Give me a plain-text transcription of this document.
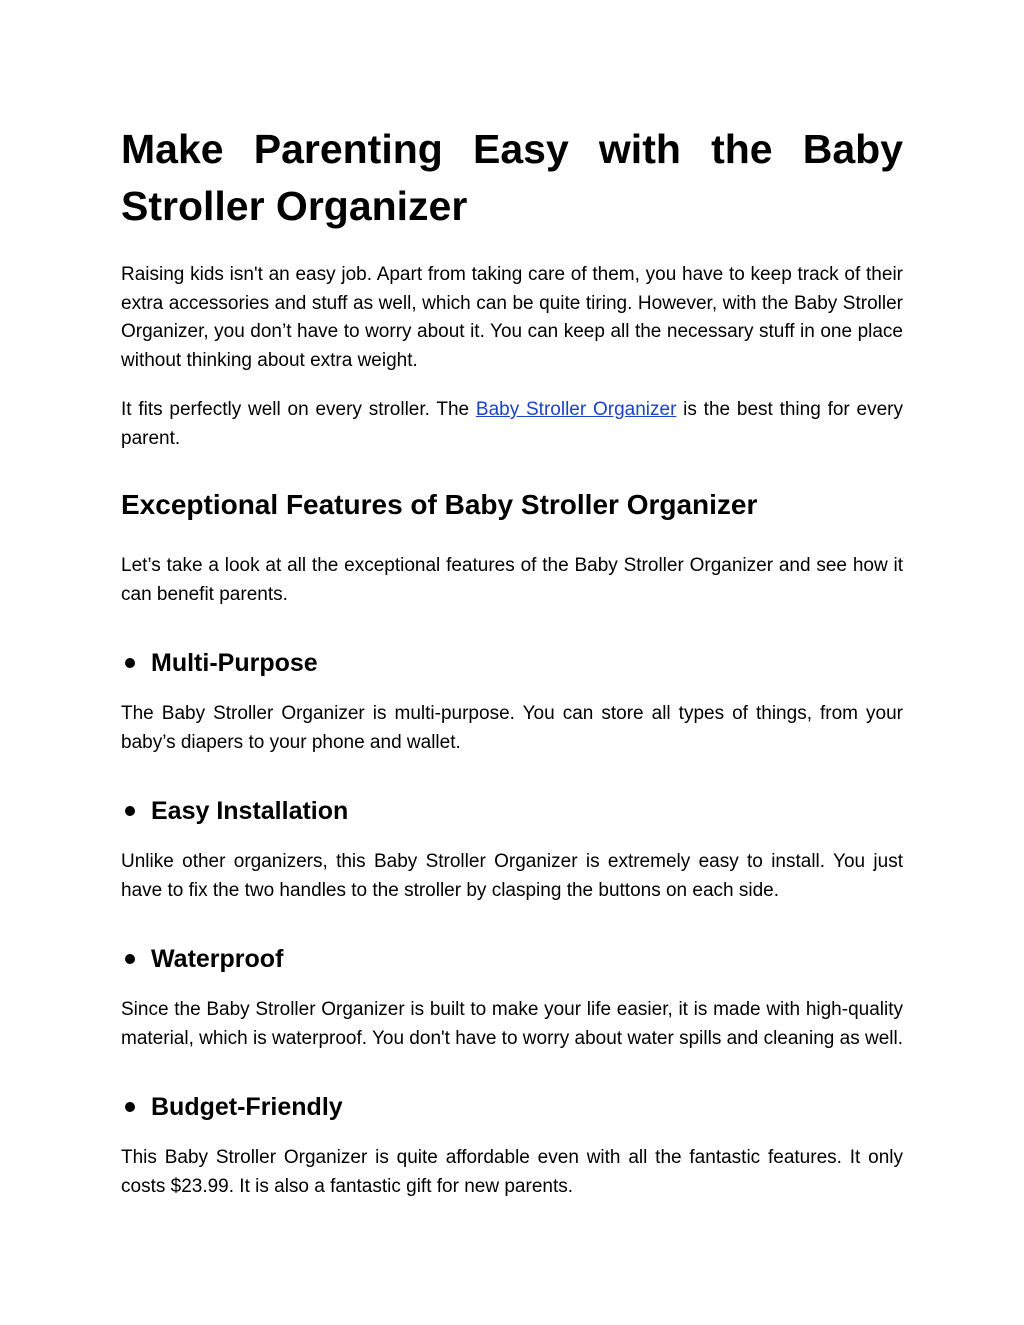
Make Parenting Easy with the Baby Stroller Organizer

Raising kids isn't an easy job. Apart from taking care of them, you have to keep track of their extra accessories and stuff as well, which can be quite tiring. However, with the Baby Stroller Organizer, you don’t have to worry about it. You can keep all the necessary stuff in one place without thinking about extra weight.

It fits perfectly well on every stroller. The Baby Stroller Organizer is the best thing for every parent.

Exceptional Features of Baby Stroller Organizer

Let’s take a look at all the exceptional features of the Baby Stroller Organizer and see how it can benefit parents.

Multi-Purpose

The Baby Stroller Organizer is multi-purpose. You can store all types of things, from your baby’s diapers to your phone and wallet.

Easy Installation

Unlike other organizers, this Baby Stroller Organizer is extremely easy to install. You just have to fix the two handles to the stroller by clasping the buttons on each side.

Waterproof

Since the Baby Stroller Organizer is built to make your life easier, it is made with high-quality material, which is waterproof. You don't have to worry about water spills and cleaning as well.

Budget-Friendly

This Baby Stroller Organizer is quite affordable even with all the fantastic features. It only costs $23.99. It is also a fantastic gift for new parents.
